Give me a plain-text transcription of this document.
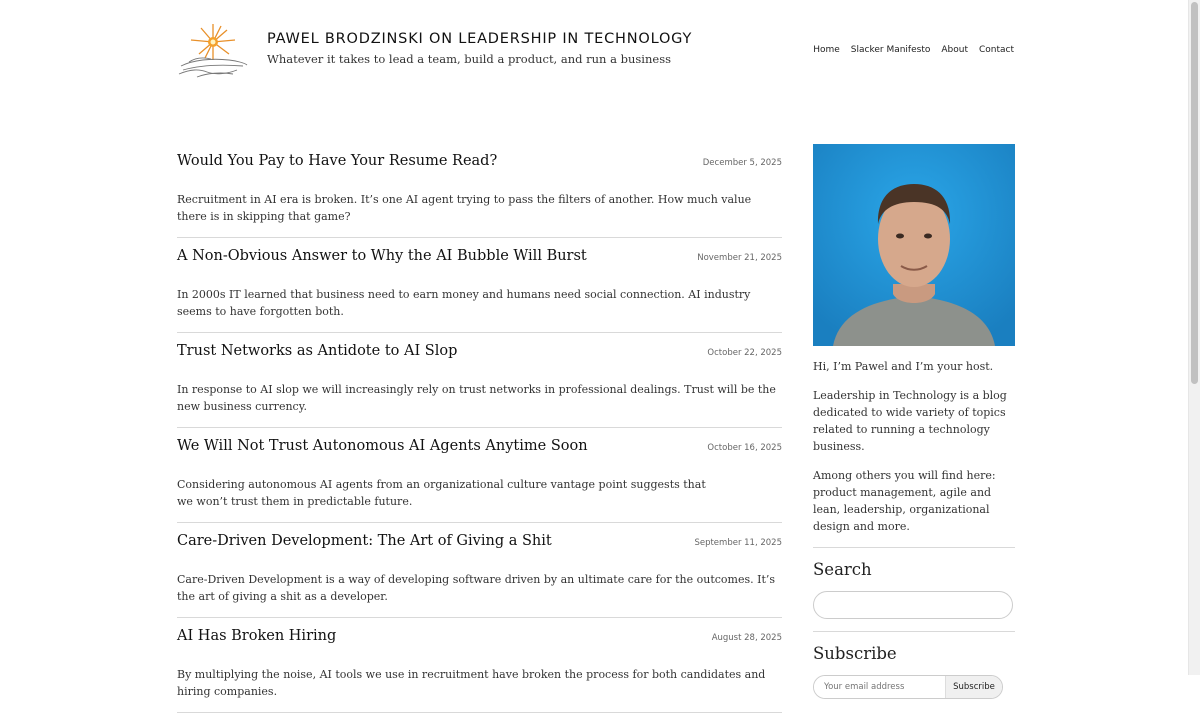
PAWEL BRODZINSKI ON LEADERSHIP IN TECHNOLOGY
Whatever it takes to lead a team, build a product, and run a business
Home Slacker Manifesto About Contact
Would You Pay to Have Your Resume Read?	December 5, 2025

Recruitment in AI era is broken. It’s one AI agent trying to pass the filters of another. How much value there is in skipping that game?

A Non-Obvious Answer to Why the AI Bubble Will Burst	November 21, 2025

In 2000s IT learned that business need to earn money and humans need social connection. AI industry seems to have forgotten both.

Trust Networks as Antidote to AI Slop	October 22, 2025

In response to AI slop we will increasingly rely on trust networks in professional dealings. Trust will be the new business currency.

We Will Not Trust Autonomous AI Agents Anytime Soon	October 16, 2025

Considering autonomous AI agents from an organizational culture vantage point suggests that we won’t trust them in predictable future.

Care-Driven Development: The Art of Giving a Shit	September 11, 2025

Care-Driven Development is a way of developing software driven by an ultimate care for the outcomes. It’s the art of giving a shit as a developer.

AI Has Broken Hiring	August 28, 2025

By multiplying the noise, AI tools we use in recruitment have broken the process for both candidates and hiring companies.

Hi, I’m Pawel and I’m your host.

Leadership in Technology is a blog dedicated to wide variety of topics related to running a technology business.

Among others you will find here: product management, agile and lean, leadership, organizational design and more.

Search
Subscribe
Your email address
Subscribe
